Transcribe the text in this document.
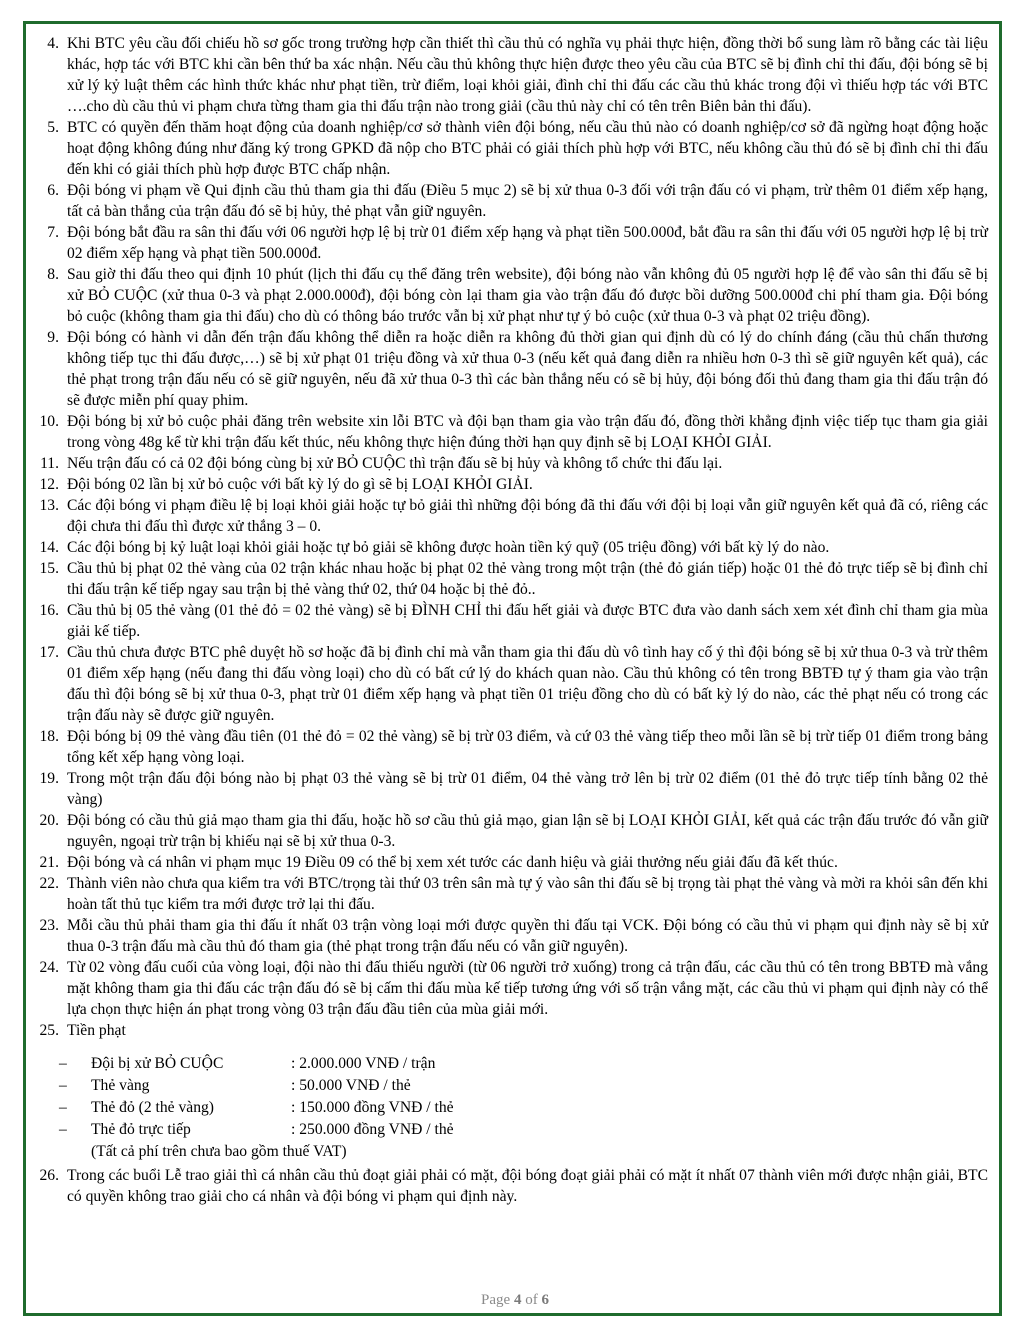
4. Khi BTC yêu cầu đối chiếu hồ sơ gốc trong trường hợp cần thiết thì cầu thủ có nghĩa vụ phải thực hiện, đồng thời bổ sung làm rõ bằng các tài liệu khác, hợp tác với BTC khi cần bên thứ ba xác nhận. Nếu cầu thủ không thực hiện được theo yêu cầu của BTC sẽ bị đình chỉ thi đấu, đội bóng sẽ bị xử lý kỷ luật thêm các hình thức khác như phạt tiền, trừ điểm, loại khỏi giải, đình chỉ thi đấu các cầu thủ khác trong đội vì thiếu hợp tác với BTC ….cho dù cầu thủ vi phạm chưa từng tham gia thi đấu trận nào trong giải (cầu thủ này chỉ có tên trên Biên bản thi đấu).
5. BTC có quyền đến thăm hoạt động của doanh nghiệp/cơ sở thành viên đội bóng, nếu cầu thủ nào có doanh nghiệp/cơ sở đã ngừng hoạt động hoặc hoạt động không đúng như đăng ký trong GPKD đã nộp cho BTC phải có giải thích phù hợp với BTC, nếu không cầu thủ đó sẽ bị đình chỉ thi đấu đến khi có giải thích phù hợp được BTC chấp nhận.
6. Đội bóng vi phạm về Qui định cầu thủ tham gia thi đấu (Điều 5 mục 2) sẽ bị xử thua 0-3 đối với trận đấu có vi phạm, trừ thêm 01 điểm xếp hạng, tất cả bàn thắng của trận đấu đó sẽ bị hủy, thẻ phạt vẫn giữ nguyên.
7. Đội bóng bắt đầu ra sân thi đấu với 06 người hợp lệ bị trừ 01 điểm xếp hạng và phạt tiền 500.000đ, bắt đầu ra sân thi đấu với 05 người hợp lệ bị trừ 02 điểm xếp hạng và phạt tiền 500.000đ.
8. Sau giờ thi đấu theo qui định 10 phút (lịch thi đấu cụ thể đăng trên website), đội bóng nào vẫn không đủ 05 người hợp lệ để vào sân thi đấu sẽ bị xử BỎ CUỘC (xử thua 0-3 và phạt 2.000.000đ), đội bóng còn lại tham gia vào trận đấu đó được bồi dưỡng 500.000đ chi phí tham gia. Đội bóng bỏ cuộc (không tham gia thi đấu) cho dù có thông báo trước vẫn bị xử phạt như tự ý bỏ cuộc (xử thua 0-3 và phạt 02 triệu đồng).
9. Đội bóng có hành vi dẫn đến trận đấu không thể diễn ra hoặc diễn ra không đủ thời gian qui định dù có lý do chính đáng (cầu thủ chấn thương không tiếp tục thi đấu được,…) sẽ bị xử phạt 01 triệu đồng và xử thua 0-3 (nếu kết quả đang diễn ra nhiều hơn 0-3 thì sẽ giữ nguyên kết quả), các thẻ phạt trong trận đấu nếu có sẽ giữ nguyên, nếu đã xử thua 0-3 thì các bàn thắng nếu có sẽ bị hủy, đội bóng đối thủ đang tham gia thi đấu trận đó sẽ được miễn phí quay phim.
10. Đội bóng bị xử bỏ cuộc phải đăng trên website xin lỗi BTC và đội bạn tham gia vào trận đấu đó, đồng thời khẳng định việc tiếp tục tham gia giải trong vòng 48g kể từ khi trận đấu kết thúc, nếu không thực hiện đúng thời hạn quy định sẽ bị LOẠI KHỎI GIẢI.
11. Nếu trận đấu có cả 02 đội bóng cùng bị xử BỎ CUỘC thì trận đấu sẽ bị hủy và không tổ chức thi đấu lại.
12. Đội bóng 02 lần bị xử bỏ cuộc với bất kỳ lý do gì sẽ bị LOẠI KHỎI GIẢI.
13. Các đội bóng vi phạm điều lệ bị loại khỏi giải hoặc tự bỏ giải thì những đội bóng đã thi đấu với đội bị loại vẫn giữ nguyên kết quả đã có, riêng các đội chưa thi đấu thì được xử thắng 3 – 0.
14. Các đội bóng bị kỷ luật loại khỏi giải hoặc tự bỏ giải sẽ không được hoàn tiền ký quỹ (05 triệu đồng) với bất kỳ lý do nào.
15. Cầu thủ bị phạt 02 thẻ vàng của 02 trận khác nhau hoặc bị phạt 02 thẻ vàng trong một trận (thẻ đỏ gián tiếp) hoặc 01 thẻ đỏ trực tiếp sẽ bị đình chỉ thi đấu trận kế tiếp ngay sau trận bị thẻ vàng thứ 02, thứ 04 hoặc bị thẻ đỏ..
16. Cầu thủ bị 05 thẻ vàng (01 thẻ đỏ = 02 thẻ vàng) sẽ bị ĐÌNH CHỈ thi đấu hết giải và được BTC đưa vào danh sách xem xét đình chỉ tham gia mùa giải kế tiếp.
17. Cầu thủ chưa được BTC phê duyệt hồ sơ hoặc đã bị đình chỉ mà vẫn tham gia thi đấu dù vô tình hay cố ý thì đội bóng sẽ bị xử thua 0-3 và trừ thêm 01 điểm xếp hạng (nếu đang thi đấu vòng loại) cho dù có bất cứ lý do khách quan nào. Cầu thủ không có tên trong BBTĐ tự ý tham gia vào trận đấu thì đội bóng sẽ bị xử thua 0-3, phạt trừ 01 điểm xếp hạng và phạt tiền 01 triệu đồng cho dù có bất kỳ lý do nào, các thẻ phạt nếu có trong các trận đấu này sẽ được giữ nguyên.
18. Đội bóng bị 09 thẻ vàng đầu tiên (01 thẻ đỏ = 02 thẻ vàng) sẽ bị trừ 03 điểm, và cứ 03 thẻ vàng tiếp theo mỗi lần sẽ bị trừ tiếp 01 điểm trong bảng tổng kết xếp hạng vòng loại.
19. Trong một trận đấu đội bóng nào bị phạt 03 thẻ vàng sẽ bị trừ 01 điểm, 04 thẻ vàng trở lên bị trừ 02 điểm (01 thẻ đỏ trực tiếp tính bằng 02 thẻ vàng)
20. Đội bóng có cầu thủ giả mạo tham gia thi đấu, hoặc hồ sơ cầu thủ giả mạo, gian lận sẽ bị LOẠI KHỎI GIẢI, kết quả các trận đấu trước đó vẫn giữ nguyên, ngoại trừ trận bị khiếu nại sẽ bị xử thua 0-3.
21. Đội bóng và cá nhân vi phạm mục 19 Điều 09 có thể bị xem xét tước các danh hiệu và giải thưởng nếu giải đấu đã kết thúc.
22. Thành viên nào chưa qua kiểm tra với BTC/trọng tài thứ 03 trên sân mà tự ý vào sân thi đấu sẽ bị trọng tài phạt thẻ vàng và mời ra khỏi sân đến khi hoàn tất thủ tục kiểm tra mới được trở lại thi đấu.
23. Mỗi cầu thủ phải tham gia thi đấu ít nhất 03 trận vòng loại mới được quyền thi đấu tại VCK. Đội bóng có cầu thủ vi phạm qui định này sẽ bị xử thua 0-3 trận đấu mà cầu thủ đó tham gia (thẻ phạt trong trận đấu nếu có vẫn giữ nguyên).
24. Từ 02 vòng đấu cuối của vòng loại, đội nào thi đấu thiếu người (từ 06 người trở xuống) trong cả trận đấu, các cầu thủ có tên trong BBTĐ mà vắng mặt không tham gia thi đấu các trận đấu đó sẽ bị cấm thi đấu mùa kế tiếp tương ứng với số trận vắng mặt, các cầu thủ vi phạm qui định này có thể lựa chọn thực hiện án phạt trong vòng 03 trận đấu đầu tiên của mùa giải mới.
25. Tiền phạt
–	Đội bị xử BỎ CUỘC	: 2.000.000 VNĐ / trận
–	Thẻ vàng	: 50.000 VNĐ / thẻ
–	Thẻ đỏ (2 thẻ vàng)	: 150.000 đồng VNĐ / thẻ
–	Thẻ đỏ trực tiếp	: 250.000 đồng VNĐ / thẻ
(Tất cả phí trên chưa bao gồm thuế VAT)
26. Trong các buổi Lễ trao giải thì cá nhân cầu thủ đoạt giải phải có mặt, đội bóng đoạt giải phải có mặt ít nhất 07 thành viên mới được nhận giải, BTC có quyền không trao giải cho cá nhân và đội bóng vi phạm qui định này.
Page 4 of 6
